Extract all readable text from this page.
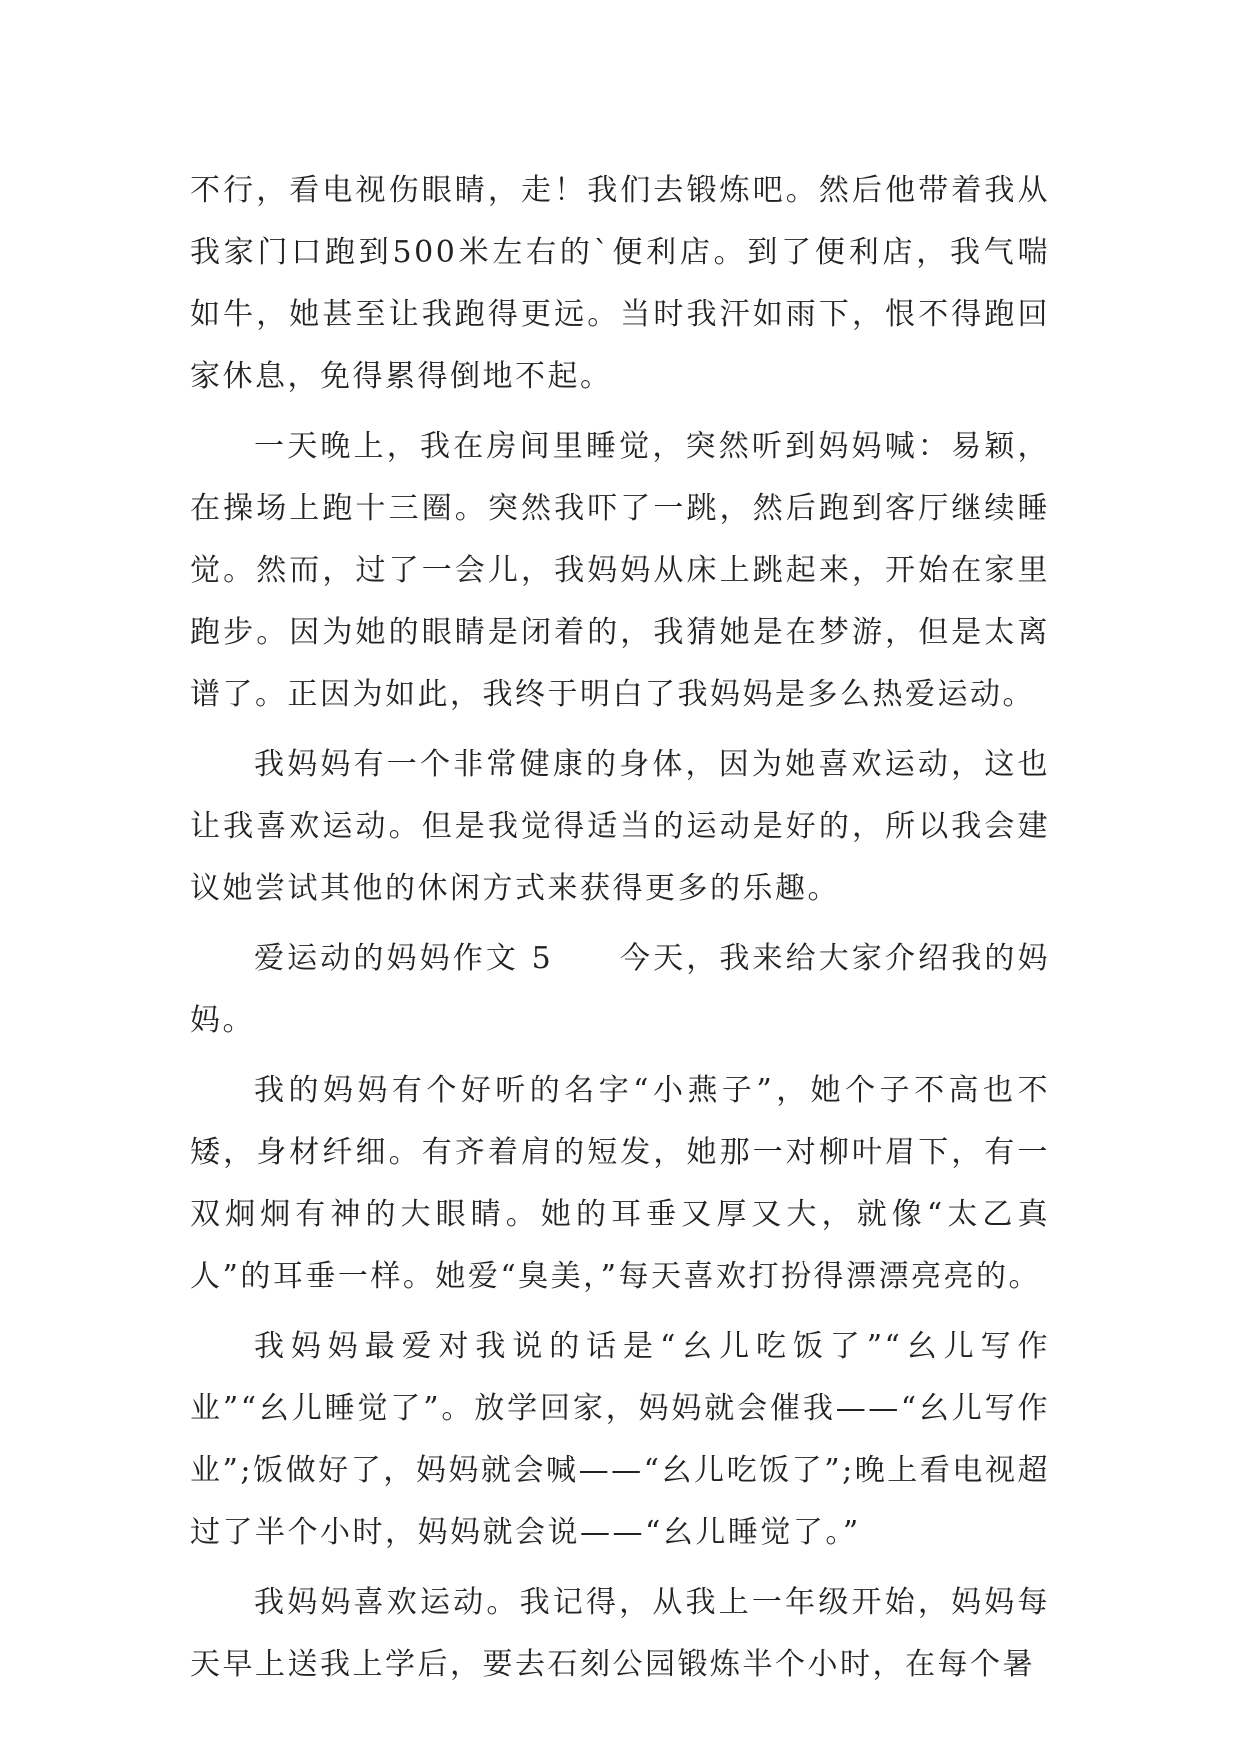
不行，看电视伤眼睛，走！我们去锻炼吧。然后他带着我从我家门口跑到500米左右的`便利店。到了便利店，我气喘如牛，她甚至让我跑得更远。当时我汗如雨下，恨不得跑回家休息，免得累得倒地不起。

一天晚上，我在房间里睡觉，突然听到妈妈喊：易颖，在操场上跑十三圈。突然我吓了一跳，然后跑到客厅继续睡觉。然而，过了一会儿，我妈妈从床上跳起来，开始在家里跑步。因为她的眼睛是闭着的，我猜她是在梦游，但是太离谱了。正因为如此，我终于明白了我妈妈是多么热爱运动。

我妈妈有一个非常健康的身体，因为她喜欢运动，这也让我喜欢运动。但是我觉得适当的运动是好的，所以我会建议她尝试其他的休闲方式来获得更多的乐趣。

爱运动的妈妈作文 5　　今天，我来给大家介绍我的妈妈。

我的妈妈有个好听的名字“小燕子”，她个子不高也不矮，身材纤细。有齐着肩的短发，她那一对柳叶眉下，有一双炯炯有神的大眼睛。她的耳垂又厚又大，就像“太乙真人”的耳垂一样。她爱“臭美，”每天喜欢打扮得漂漂亮亮的。

我妈妈最爱对我说的话是“幺儿吃饭了”“幺儿写作业”“幺儿睡觉了”。放学回家，妈妈就会催我——“幺儿写作业”;饭做好了，妈妈就会喊——“幺儿吃饭了”;晚上看电视超过了半个小时，妈妈就会说——“幺儿睡觉了。”

我妈妈喜欢运动。我记得，从我上一年级开始，妈妈每天早上送我上学后，要去石刻公园锻炼半个小时，在每个暑
